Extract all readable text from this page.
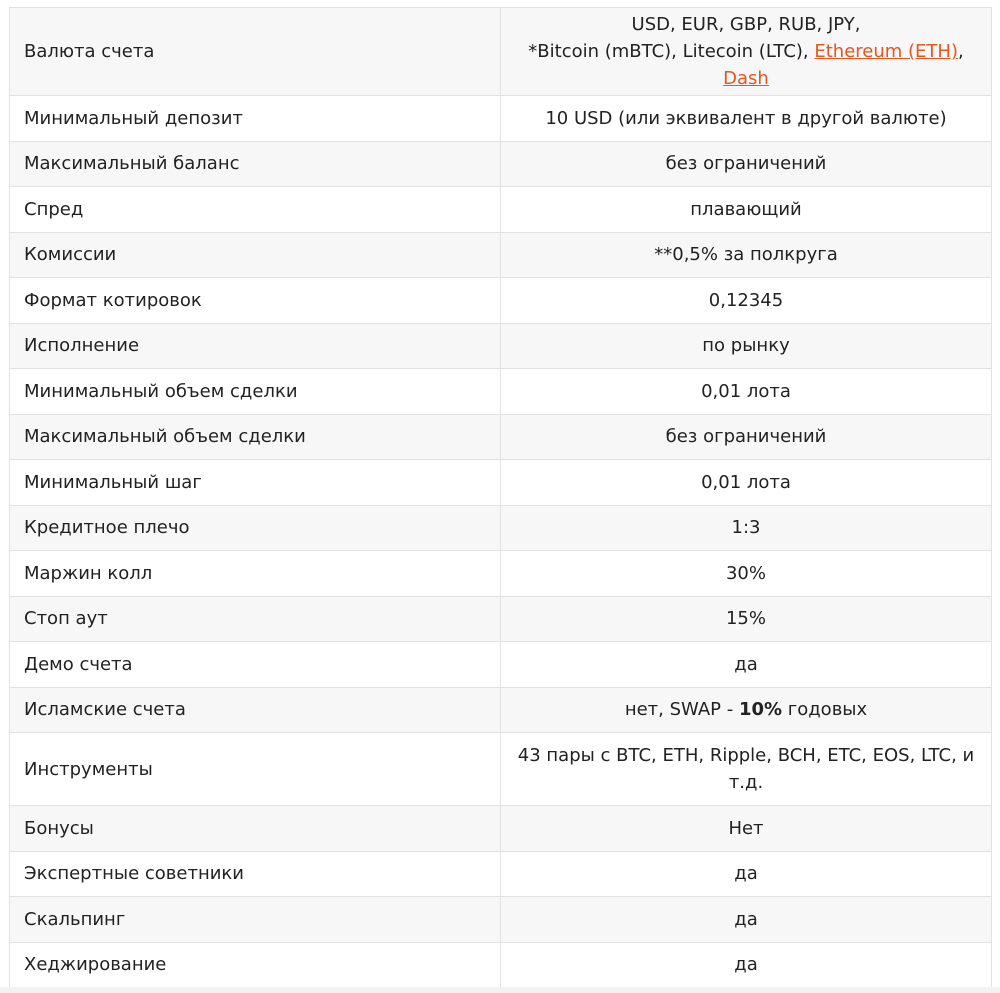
Валюта счета	USD, EUR, GBP, RUB, JPY,
*Bitcoin (mBTC), Litecoin (LTC), Ethereum (ETH),
Dash
Минимальный депозит	10 USD (или эквивалент в другой валюте)
Максимальный баланс	без ограничений
Спред	плавающий
Комиссии	**0,5% за полкруга
Формат котировок	0,12345
Исполнение	по рынку
Минимальный объем сделки	0,01 лота
Максимальный объем сделки	без ограничений
Минимальный шаг	0,01 лота
Кредитное плечо	1:3
Маржин колл	30%
Стоп аут	15%
Демо счета	да
Исламские счета	нет, SWAP - 10% годовых
Инструменты	43 пары с BTC, ETH, Ripple, BCH, ETC, EOS, LTC, и
т.д.
Бонусы	Нет
Экспертные советники	да
Скальпинг	да
Хеджирование	да
